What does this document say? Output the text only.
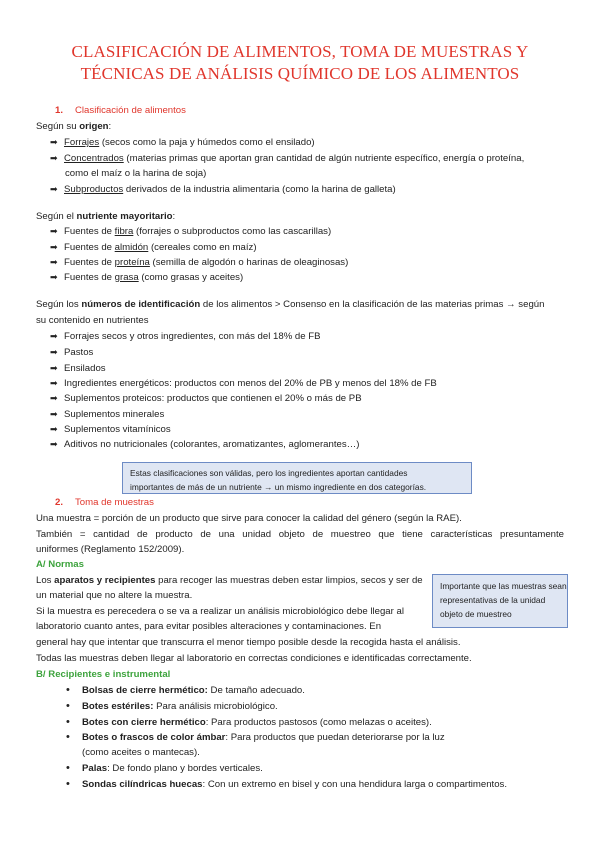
CLASIFICACIÓN DE ALIMENTOS, TOMA DE MUESTRAS Y
TÉCNICAS DE ANÁLISIS QUÍMICO DE LOS ALIMENTOS
1. Clasificación de alimentos
Según su origen:
➡ Forrajes (secos como la paja y húmedos como el ensilado)
➡ Concentrados (materias primas que aportan gran cantidad de algún nutriente específico, energía o proteína,
como el maíz o la harina de soja)
➡ Subproductos derivados de la industria alimentaria (como la harina de galleta)
Según el nutriente mayoritario:
➡ Fuentes de fibra (forrajes o subproductos como las cascarillas)
➡ Fuentes de almidón (cereales como en maíz)
➡ Fuentes de proteína (semilla de algodón o harinas de oleaginosas)
➡ Fuentes de grasa (como grasas y aceites)
Según los números de identificación de los alimentos > Consenso en la clasificación de las materias primas → según
su contenido en nutrientes
➡ Forrajes secos y otros ingredientes, con más del 18% de FB
➡ Pastos
➡ Ensilados
➡ Ingredientes energéticos: productos con menos del 20% de PB y menos del 18% de FB
➡ Suplementos proteicos: productos que contienen el 20% o más de PB
➡ Suplementos minerales
➡ Suplementos vitamínicos
➡ Aditivos no nutricionales (colorantes, aromatizantes, aglomerantes…)
Estas clasificaciones son válidas, pero los ingredientes aportan cantidades
importantes de más de un nutriente → un mismo ingrediente en dos categorías.
2. Toma de muestras
Una muestra = porción de un producto que sirve para conocer la calidad del género (según la RAE).
También = cantidad de producto de una unidad objeto de muestreo que tiene características presuntamente
uniformes (Reglamento 152/2009).
A/ Normas
Los aparatos y recipientes para recoger las muestras deben estar limpios, secos y ser de
un material que no altere la muestra.
Si la muestra es perecedera o se va a realizar un análisis microbiológico debe llegar al
laboratorio cuanto antes, para evitar posibles alteraciones y contaminaciones. En
general hay que intentar que transcurra el menor tiempo posible desde la recogida hasta el análisis.
Todas las muestras deben llegar al laboratorio en correctas condiciones e identificadas correctamente.
Importante que las muestras sean
representativas de la unidad
objeto de muestreo
B/ Recipientes e instrumental
• Bolsas de cierre hermético: De tamaño adecuado.
• Botes estériles: Para análisis microbiológico.
• Botes con cierre hermético: Para productos pastosos (como melazas o aceites).
• Botes o frascos de color ámbar: Para productos que puedan deteriorarse por la luz
(como aceites o mantecas).
• Palas: De fondo plano y bordes verticales.
• Sondas cilíndricas huecas: Con un extremo en bisel y con una hendidura larga o compartimentos.
